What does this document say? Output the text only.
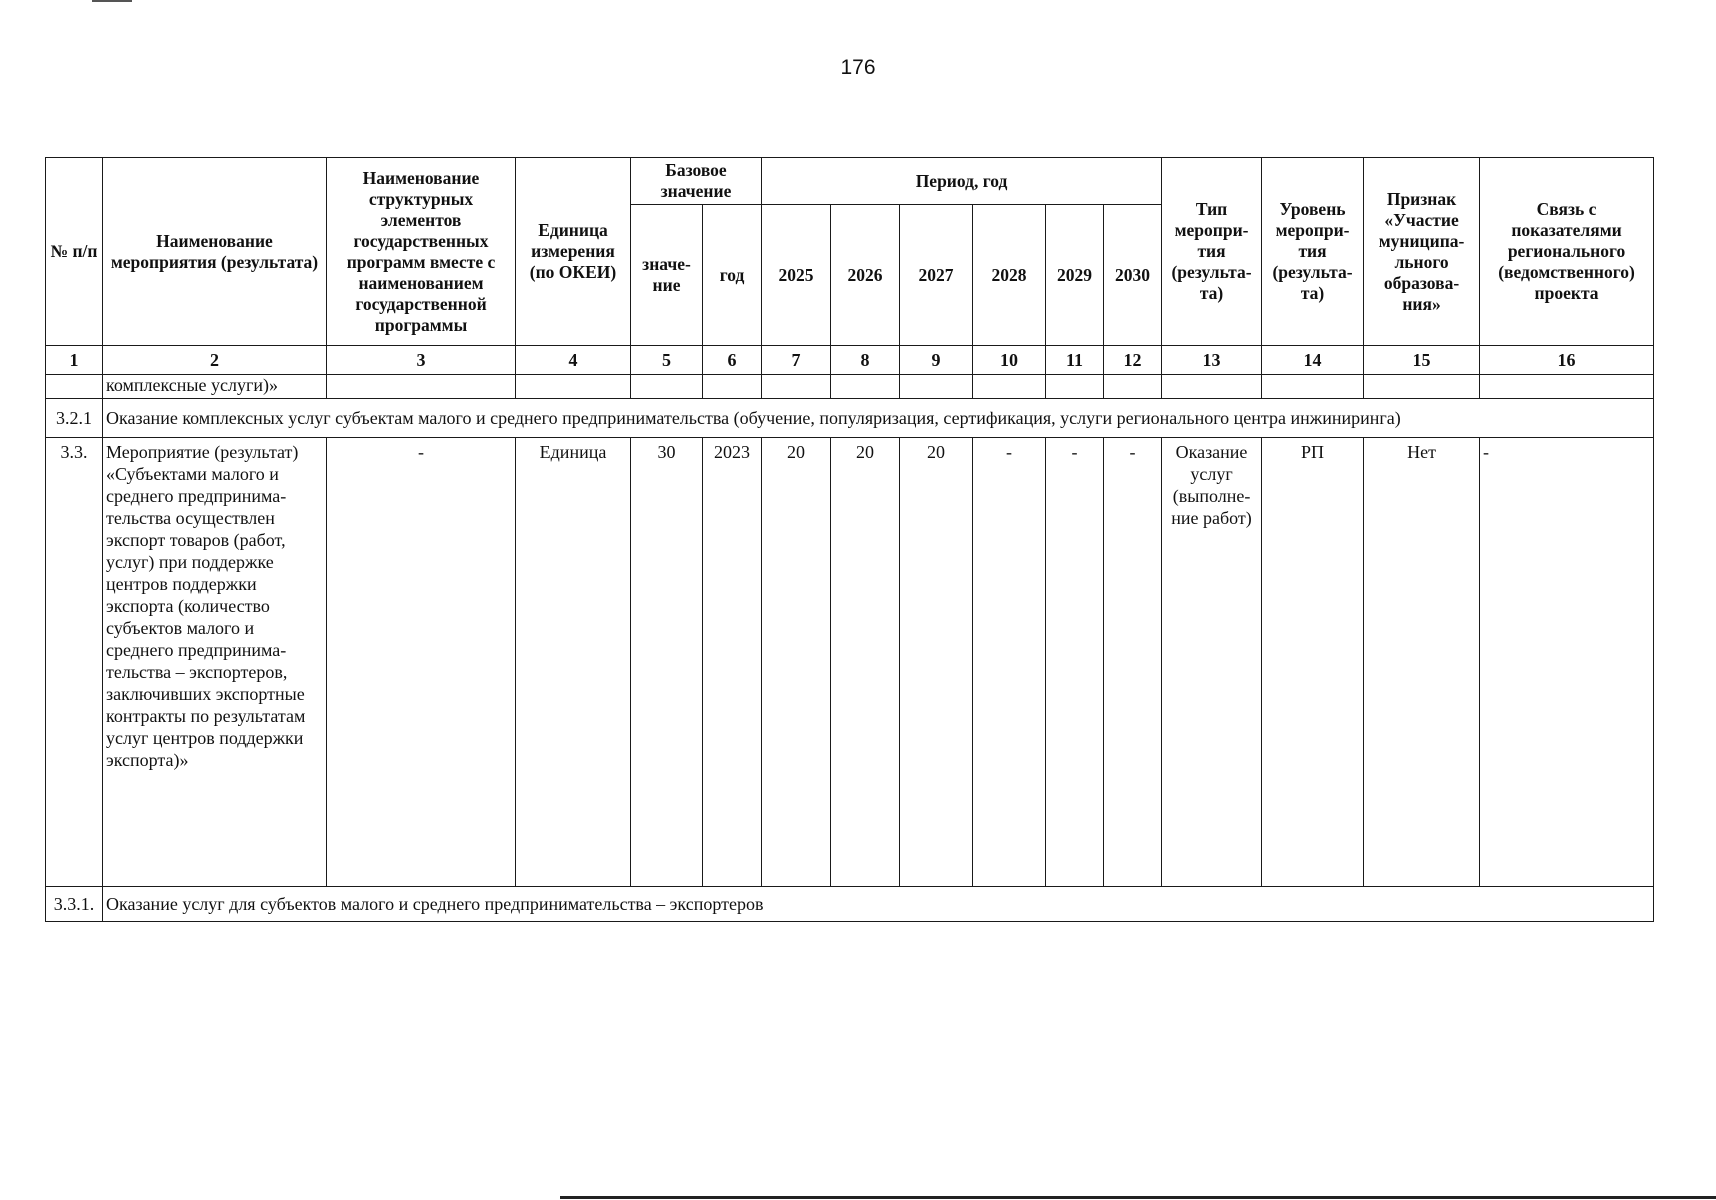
176
№ п/п	Наименование мероприятия (результата)	Наименование структурных элементов государственных программ вместе с наименованием государственной программы	Единица измерения (по ОКЕИ)	Базовое значение		Период, год						Тип меропри-тия (результа-та)	Уровень меропри-тия (результа-та)	Признак «Участие муниципа-льного образова-ния»	Связь с показателями регионального (ведомственного) проекта
				значе-ние	год	2025	2026	2027	2028	2029	2030				
1	2	3	4	5	6	7	8	9	10	11	12	13	14	15	16
	комплексные услуги)»														
3.2.1	Оказание комплексных услуг субъектам малого и среднего предпринимательства (обучение, популяризация, сертификация, услуги регионального центра инжиниринга)														
3.3.	Мероприятие (результат) «Субъектами малого и среднего предпринима-тельства осуществлен экспорт товаров (работ, услуг) при поддержке центров поддержки экспорта (количество субъектов малого и среднего предпринима-тельства – экспортеров, заключивших экспортные контракты по результатам услуг центров поддержки экспорта)»	-	Единица	30	2023	20	20	20	-	-	-	Оказание услуг (выполне-ние работ)	РП	Нет	-
3.3.1.	Оказание услуг для субъектов малого и среднего предпринимательства – экспортеров														
